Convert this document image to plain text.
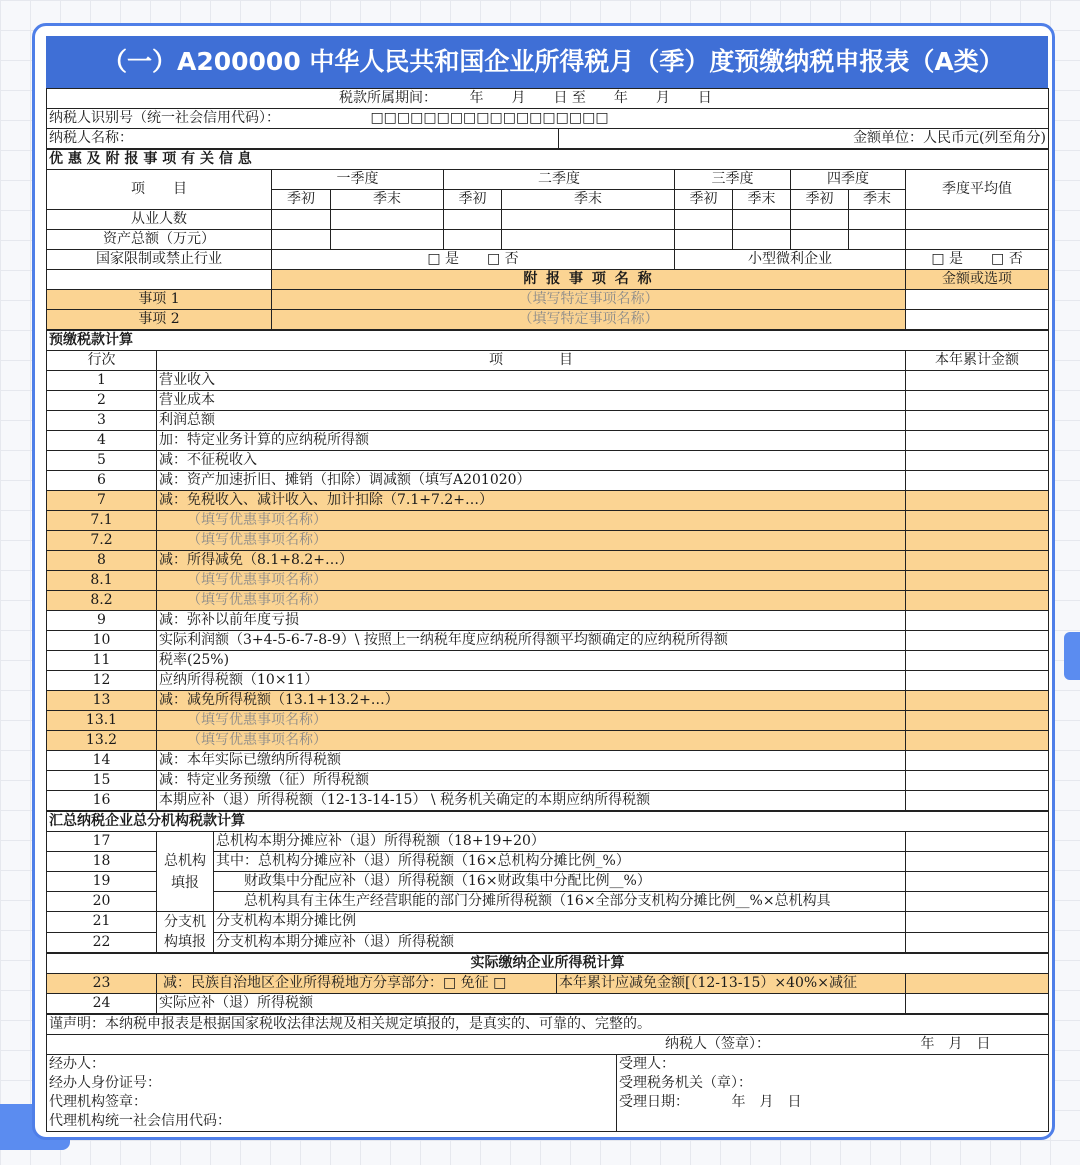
（一）A200000 中华人民共和国企业所得税月（季）度预缴纳税申报表（A类）
税款所属期间： 年　　月　　日 至　　年　　月　　日
纳税人识别号（统一社会信用代码）：	□□□□□□□□□□□□□□□□□□
纳税人名称：	金额单位：人民币元(列至角分)
优 惠 及 附 报 事 项 有 关 信 息									
项　　目	一季度		二季度		三季度		四季度		季度平均值
	季初	季末	季初	季末	季初	季末	季初	季末	
从业人数									
资产总额（万元）									
国家限制或禁止行业	□ 是　　□ 否				小型微利企业				□ 是　　□ 否
	附 报 事 项 名 称								金额或选项
事项 1	（填写特定事项名称）								
事项 2	（填写特定事项名称）								
预缴税款计算		
行次	项　　　　目	本年累计金额
1	营业收入	
2	营业成本	
3	利润总额	
4	加：特定业务计算的应纳税所得额	
5	减：不征税收入	
6	减：资产加速折旧、摊销（扣除）调减额（填写A201020）	
7	减：免税收入、减计收入、加计扣除（7.1+7.2+…）	
7.1	（填写优惠事项名称）	
7.2	（填写优惠事项名称）	
8	减：所得减免（8.1+8.2+…）	
8.1	（填写优惠事项名称）	
8.2	（填写优惠事项名称）	
9	减：弥补以前年度亏损	
10	实际利润额（3+4-5-6-7-8-9）\ 按照上一纳税年度应纳税所得额平均额确定的应纳税所得额	
11	税率(25%)	
12	应纳所得税额（10×11）	
13	减：减免所得税额（13.1+13.2+…）	
13.1	（填写优惠事项名称）	
13.2	（填写优惠事项名称）	
14	减：本年实际已缴纳所得税额	
15	减：特定业务预缴（征）所得税额	
16	本期应补（退）所得税额（12-13-14-15） \ 税务机关确定的本期应纳所得税额	
汇总纳税企业总分机构税款计算			
17	总机构填报	总机构本期分摊应补（退）所得税额（18+19+20）	
18		其中：总机构分摊应补（退）所得税额（16×总机构分摊比例_%）	
19		财政集中分配应补（退）所得税额（16×财政集中分配比例__%）	
20		总机构具有主体生产经营职能的部门分摊所得税额（16×全部分支机构分摊比例__%×总机构具	
21	分支机构填报	分支机构本期分摊比例	
22		分支机构本期分摊应补（退）所得税额	
实际缴纳企业所得税计算			
23	减：民族自治地区企业所得税地方分享部分：□ 免征 □	本年累计应减免金额[（12-13-15）×40%×减征	
24	实际应补（退）所得税额		
谨声明：本纳税申报表是根据国家税收法律法规及相关规定填报的，是真实的、可靠的、完整的。	
纳税人（签章）： 年　月　日	
经办人：	受理人：
经办人身份证号：	受理税务机关（章）：
代理机构签章：	受理日期： 年　月　日
代理机构统一社会信用代码：	
